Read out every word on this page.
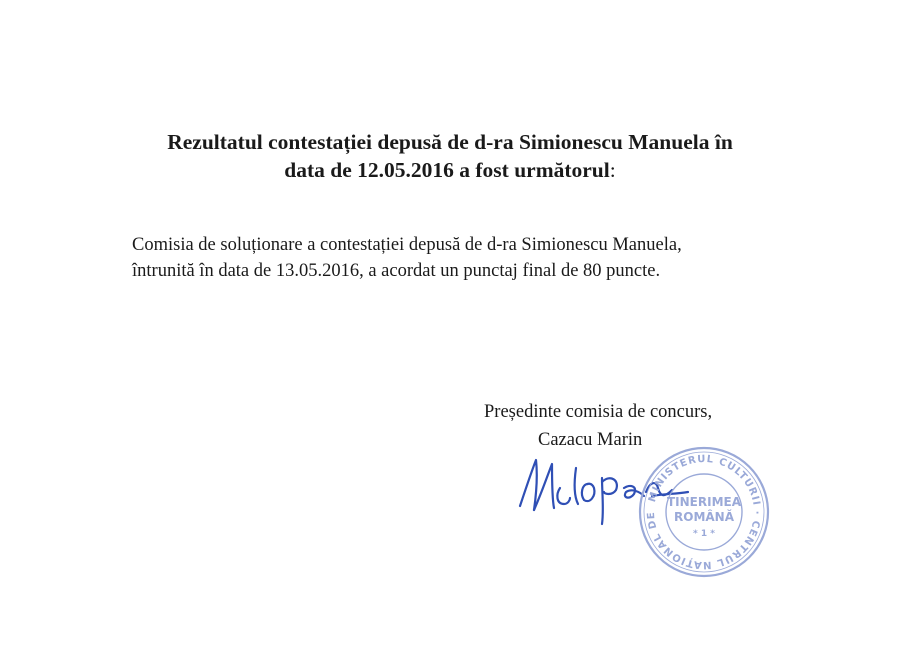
Rezultatul contestației depusă de d-ra Simionescu Manuela în
data de 12.05.2016 a fost următorul:

Comisia de soluționare a contestației depusă de d-ra Simionescu Manuela,
întrunită în data de 13.05.2016, a acordat un punctaj final de 80 puncte.

Președinte comisia de concurs,

Cazacu Marin

MINISTERUL CULTURII · CENTRUL NAȚIONAL DE
TINERIMEA
ROMÂNĂ
* 1 *
